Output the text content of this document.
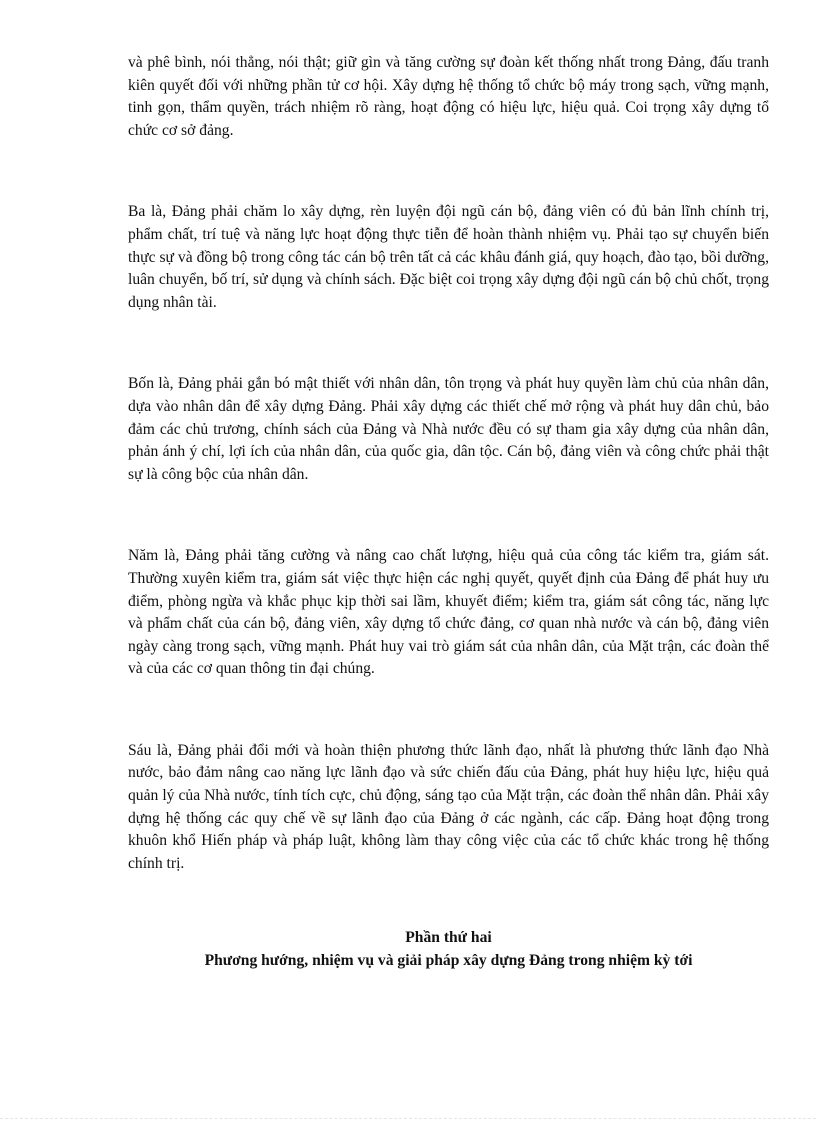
và phê bình, nói thẳng, nói thật; giữ gìn và tăng cường sự đoàn kết thống nhất trong Đảng, đấu tranh kiên quyết đối với những phần tử cơ hội. Xây dựng hệ thống tổ chức bộ máy trong sạch, vững mạnh, tinh gọn, thẩm quyền, trách nhiệm rõ ràng, hoạt động có hiệu lực, hiệu quả. Coi trọng xây dựng tổ chức cơ sở đảng.

Ba là, Đảng phải chăm lo xây dựng, rèn luyện đội ngũ cán bộ, đảng viên có đủ bản lĩnh chính trị, phẩm chất, trí tuệ và năng lực hoạt động thực tiễn để hoàn thành nhiệm vụ. Phải tạo sự chuyển biến thực sự và đồng bộ trong công tác cán bộ trên tất cả các khâu đánh giá, quy hoạch, đào tạo, bồi dưỡng, luân chuyển, bố trí, sử dụng và chính sách. Đặc biệt coi trọng xây dựng đội ngũ cán bộ chủ chốt, trọng dụng nhân tài.

Bốn là, Đảng phải gắn bó mật thiết với nhân dân, tôn trọng và phát huy quyền làm chủ của nhân dân, dựa vào nhân dân để xây dựng Đảng. Phải xây dựng các thiết chế mở rộng và phát huy dân chủ, bảo đảm các chủ trương, chính sách của Đảng và Nhà nước đều có sự tham gia xây dựng của nhân dân, phản ánh ý chí, lợi ích của nhân dân, của quốc gia, dân tộc. Cán bộ, đảng viên và công chức phải thật sự là công bộc của nhân dân.

Năm là, Đảng phải tăng cường và nâng cao chất lượng, hiệu quả của công tác kiểm tra, giám sát. Thường xuyên kiểm tra, giám sát việc thực hiện các nghị quyết, quyết định của Đảng để phát huy ưu điểm, phòng ngừa và khắc phục kịp thời sai lầm, khuyết điểm; kiểm tra, giám sát công tác, năng lực và phẩm chất của cán bộ, đảng viên, xây dựng tổ chức đảng, cơ quan nhà nước và cán bộ, đảng viên ngày càng trong sạch, vững mạnh. Phát huy vai trò giám sát của nhân dân, của Mặt trận, các đoàn thể và của các cơ quan thông tin đại chúng.

Sáu là, Đảng phải đổi mới và hoàn thiện phương thức lãnh đạo, nhất là phương thức lãnh đạo Nhà nước, bảo đảm nâng cao năng lực lãnh đạo và sức chiến đấu của Đảng, phát huy hiệu lực, hiệu quả quản lý của Nhà nước, tính tích cực, chủ động, sáng tạo của Mặt trận, các đoàn thể nhân dân. Phải xây dựng hệ thống các quy chế về sự lãnh đạo của Đảng ở các ngành, các cấp. Đảng hoạt động trong khuôn khổ Hiến pháp và pháp luật, không làm thay công việc của các tổ chức khác trong hệ thống chính trị.

Phần thứ hai

Phương hướng, nhiệm vụ và giải pháp xây dựng Đảng trong nhiệm kỳ tới
